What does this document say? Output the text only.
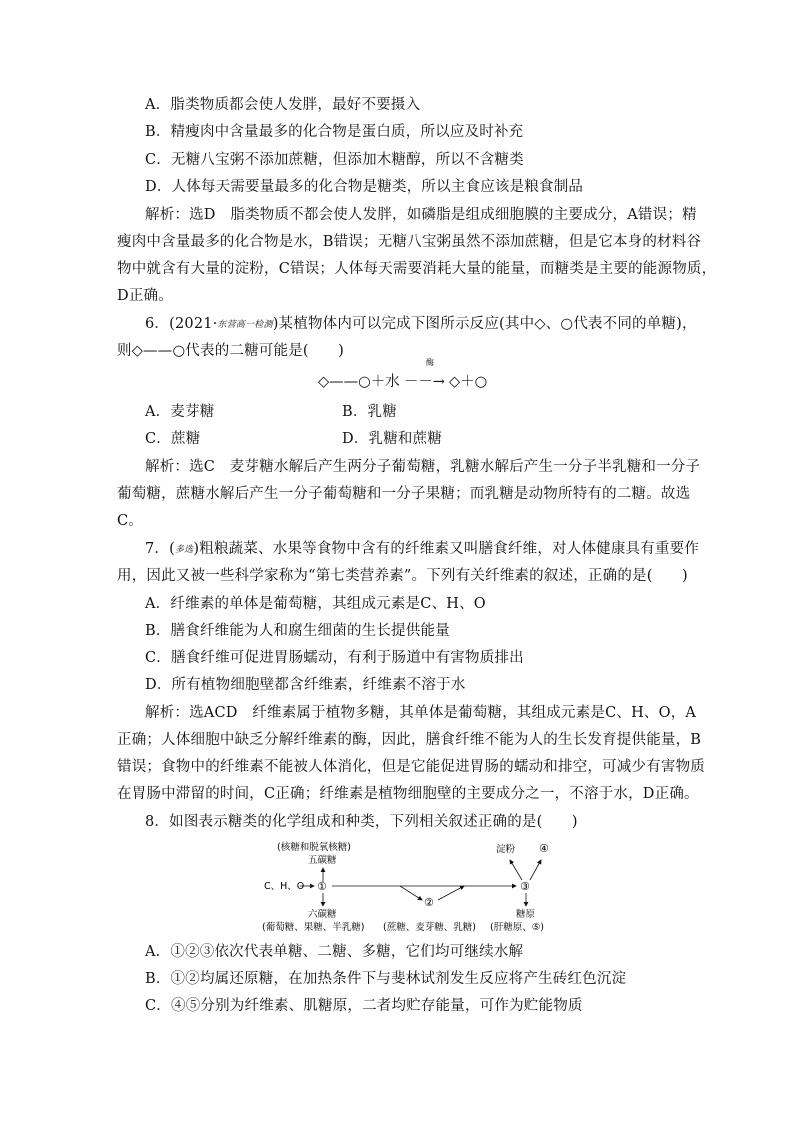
A．脂类物质都会使人发胖，最好不要摄入
B．精瘦肉中含量最多的化合物是蛋白质，所以应及时补充
C．无糖八宝粥不添加蔗糖，但添加木糖醇，所以不含糖类
D．人体每天需要量最多的化合物是糖类，所以主食应该是粮食制品
解析：选D　脂类物质不都会使人发胖，如磷脂是组成细胞膜的主要成分，A错误；精
瘦肉中含量最多的化合物是水，B错误；无糖八宝粥虽然不添加蔗糖，但是它本身的材料谷
物中就含有大量的淀粉，C错误；人体每天需要消耗大量的能量，而糖类是主要的能源物质，
D正确。
6．(2021·东营高一检测)某植物体内可以完成下图所示反应(其中◇、○代表不同的单糖)，
则◇——○代表的二糖可能是(　　)
◇——○＋水 －－→ ◇＋○
酶
A．麦芽糖	B．乳糖
C．蔗糖	D．乳糖和蔗糖
解析：选C　麦芽糖水解后产生两分子葡萄糖，乳糖水解后产生一分子半乳糖和一分子
葡萄糖，蔗糖水解后产生一分子葡萄糖和一分子果糖；而乳糖是动物所特有的二糖。故选
C。
7．(多选)粗粮蔬菜、水果等食物中含有的纤维素又叫膳食纤维，对人体健康具有重要作
用，因此又被一些科学家称为“第七类营养素”。下列有关纤维素的叙述，正确的是(　　)
A．纤维素的单体是葡萄糖，其组成元素是C、H、O
B．膳食纤维能为人和腐生细菌的生长提供能量
C．膳食纤维可促进胃肠蠕动，有利于肠道中有害物质排出
D．所有植物细胞壁都含纤维素，纤维素不溶于水
解析：选ACD　纤维素属于植物多糖，其单体是葡萄糖，其组成元素是C、H、O，A
正确；人体细胞中缺乏分解纤维素的酶，因此，膳食纤维不能为人的生长发育提供能量，B
错误；食物中的纤维素不能被人体消化，但是它能促进胃肠的蠕动和排空，可减少有害物质
在胃肠中滞留的时间，C正确；纤维素是植物细胞壁的主要成分之一，不溶于水，D正确。
8．如图表示糖类的化学组成和种类，下列相关叙述正确的是(　　)
(核糖和脱氧核糖)
五碳糖
C、H、O ①
六碳糖
(葡萄糖、果糖、半乳糖)
②
(蔗糖、麦芽糖、乳糖)
③
淀粉 ④
糖原
(肝糖原、⑤)
A．①②③依次代表单糖、二糖、多糖，它们均可继续水解
B．①②均属还原糖，在加热条件下与斐林试剂发生反应将产生砖红色沉淀
C．④⑤分别为纤维素、肌糖原，二者均贮存能量，可作为贮能物质
